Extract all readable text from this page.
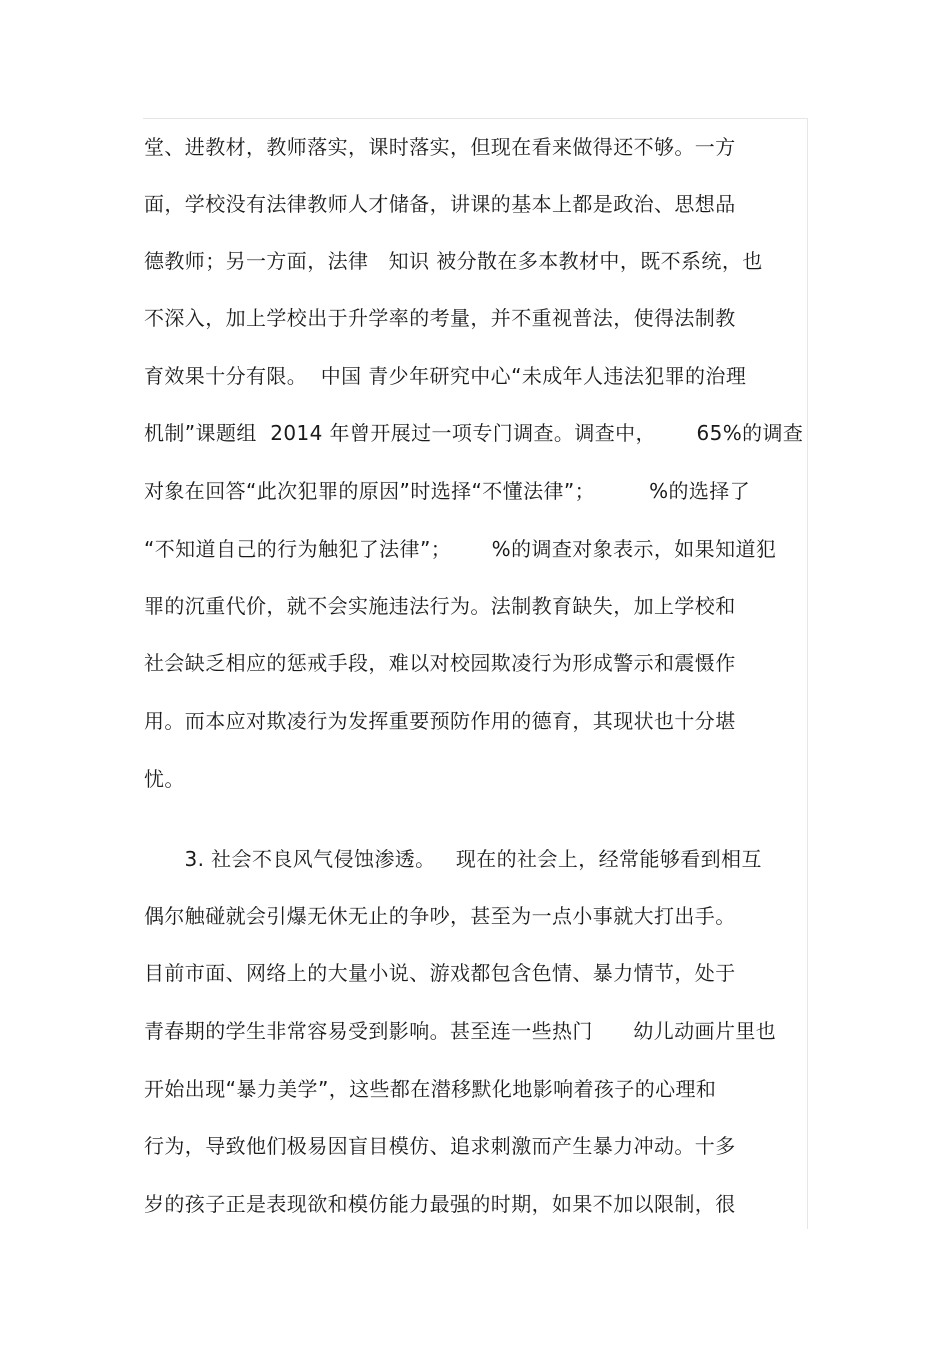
堂、进教材，教师落实，课时落实，但现在看来做得还不够。一方
面，学校没有法律教师人才储备，讲课的基本上都是政治、思想品
德教师；另一方面，法律   知识 被分散在多本教材中，既不系统，也
不深入，加上学校出于升学率的考量，并不重视普法，使得法制教
育效果十分有限。  中国 青少年研究中心“未成年人违法犯罪的治理
机制”课题组  2014 年曾开展过一项专门调查。调查中，      65%的调查
对象在回答“此次犯罪的原因”时选择“不懂法律”；        %的选择了
“不知道自己的行为触犯了法律”；      %的调查对象表示，如果知道犯
罪的沉重代价，就不会实施违法行为。法制教育缺失，加上学校和
社会缺乏相应的惩戒手段，难以对校园欺凌行为形成警示和震慑作
用。而本应对欺凌行为发挥重要预防作用的德育，其现状也十分堪
忧。
3. 社会不良风气侵蚀渗透。   现在的社会上，经常能够看到相互
偶尔触碰就会引爆无休无止的争吵，甚至为一点小事就大打出手。
目前市面、网络上的大量小说、游戏都包含色情、暴力情节，处于
青春期的学生非常容易受到影响。甚至连一些热门      幼儿动画片里也
开始出现“暴力美学”，这些都在潜移默化地影响着孩子的心理和
行为，导致他们极易因盲目模仿、追求刺激而产生暴力冲动。十多
岁的孩子正是表现欲和模仿能力最强的时期，如果不加以限制，很
